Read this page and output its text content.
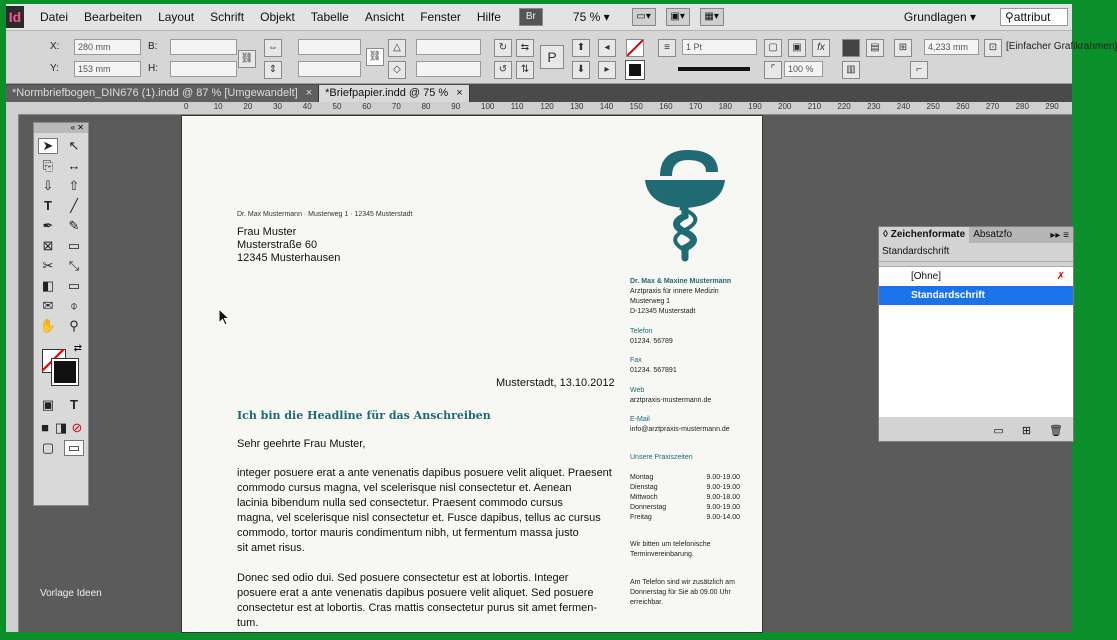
Id	Datei	Bearbeiten	Layout	Schrift	Objekt	Tabelle	Ansicht	Fenster	Hilfe	Br	75 % ▾	▭▾	▣▾	▦▾	Grundlagen ▾	⚲attribut
X:	280 mm
Y:	153 mm
B:
H:
⛓
⇔
⇕
⛓
△
◇
↻
↺
⇆
⇅
P
⬆
⬇
◂
▸
≡	1 Pt	▢	▣	fx
⌜	100 %
▤
▥
⊞	4,233 mm
⌐
⊡ [Einfacher Grafikrahmen]
*Normbriefbogen_DIN676 (1).indd @ 87 % [Umgewandelt] × *Briefpapier.indd @ 75 % ×
0	10	20	30	40	50	60	70	80	90	100 110 120 130 140 150 160 170 180 190 200 210 220 230 240 250 260 270 280 290
Dr. Max Mustermann · Musterweg 1 · 12345 Musterstadt
Frau Muster
Musterstraße 60
12345 Musterhausen
Dr. Max & Maxine Mustermann
Arztpraxis für innere Medizin
Musterweg 1
D-12345 Musterstadt
Telefon
01234. 56789
Fax
01234. 567891
Web
arztpraxis-mustermann.de
E-Mail
info@arztpraxis-mustermann.de
Unsere Praxiszeiten
Montag	9.00-19.00
Dienstag	9.00-19.00
Mittwoch	9.00-18.00
Donnerstag	9.00-19.00
Freitag	9.00-14.00
Wir bitten um telefonische
Terminvereinbarung.
Am Telefon sind wir zusätzlich am
Donnerstag für Sie ab 09.00 Uhr
erreichbar.
Musterstadt, 13.10.2012
Ich bin die Headline für das Anschreiben
Sehr geehrte Frau Muster,
integer posuere erat a ante venenatis dapibus posuere velit aliquet. Praesent
commodo cursus magna, vel scelerisque nisl consectetur et. Aenean
lacinia bibendum nulla sed consectetur. Praesent commodo cursus
magna, vel scelerisque nisl consectetur et. Fusce dapibus, tellus ac cursus
commodo, tortor mauris condimentum nibh, ut fermentum massa justo
sit amet risus.
Donec sed odio dui. Sed posuere consectetur est at lobortis. Integer
posuere erat a ante venenatis dapibus posuere velit aliquet. Sed posuere
consectetur est at lobortis. Cras mattis consectetur purus sit amet fermen-
tum.
« ✕
➤	↖
⎘	↔
⇩	⇧
T	╱
✒	✎
⊠	▭
✂	⤡
◧ ▭
✉	⌽
✋	⚲
⇄
▣	T
■ ◨ ⊘
▢ ▭
◊ Zeichenformate Absatzfo	▸▸ ≡
Standardschrift
[Ohne]	✗
Standardschrift
▭ ⊞ 🗑
Vorlage Ideen
